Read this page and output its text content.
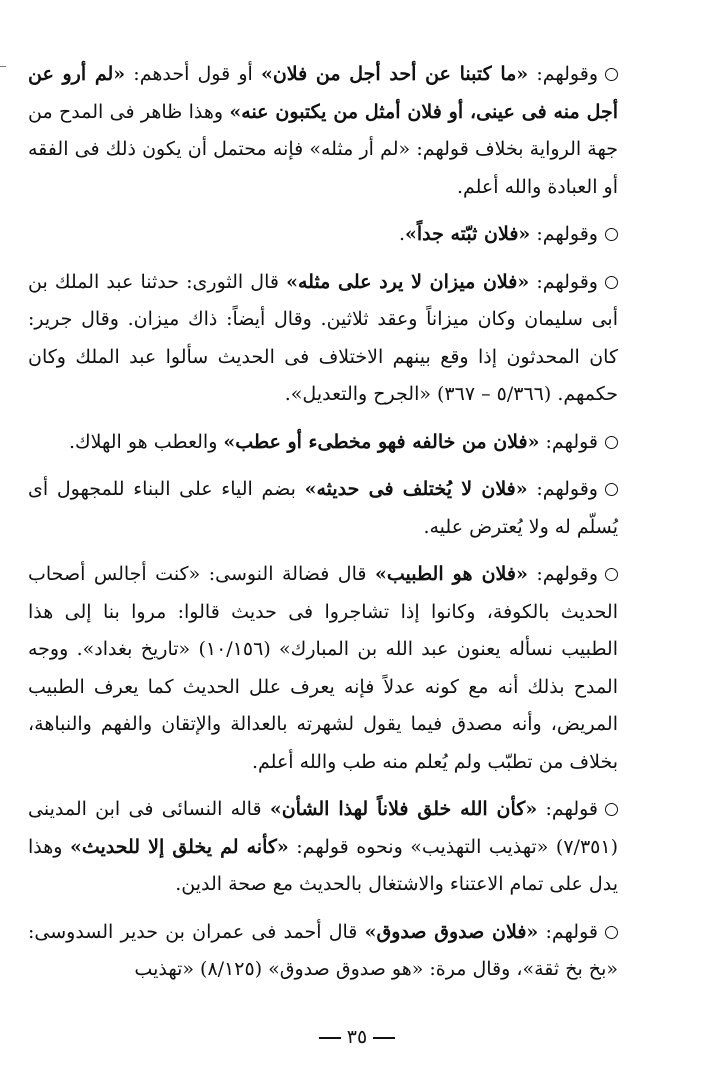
وقولهم: «ما كتبنا عن أحد أجل من فلان» أو قول أحدهم: «لم أرو عن أجل منه فى عينى، أو فلان أمثل من يكتبون عنه» وهذا ظاهر فى المدح من جهة الرواية بخلاف قولهم: «لم أر مثله» فإنه محتمل أن يكون ذلك فى الفقه أو العبادة والله أعلم.

وقولهم: «فلان ثبّته جداً».

وقولهم: «فلان ميزان لا يرد على مثله» قال الثورى: حدثنا عبد الملك بن أبى سليمان وكان ميزاناً وعقد ثلاثين. وقال أيضاً: ذاك ميزان. وقال جرير: كان المحدثون إذا وقع بينهم الاختلاف فى الحديث سألوا عبد الملك وكان حكمهم. (٥/٣٦٦ – ٣٦٧) «الجرح والتعديل».

قولهم: «فلان من خالفه فهو مخطىء أو عطب» والعطب هو الهلاك.

وقولهم: «فلان لا يُختلف فى حديثه» بضم الياء على البناء للمجهول أى يُسلّم له ولا يُعترض عليه.

وقولهم: «فلان هو الطبيب» قال فضالة النوسى: «كنت أجالس أصحاب الحديث بالكوفة، وكانوا إذا تشاجروا فى حديث قالوا: مروا بنا إلى هذا الطبيب نسأله يعنون عبد الله بن المبارك» (١٠/١٥٦) «تاريخ بغداد». ووجه المدح بذلك أنه مع كونه عدلاً فإنه يعرف علل الحديث كما يعرف الطبيب المريض، وأنه مصدق فيما يقول لشهرته بالعدالة والإتقان والفهم والنباهة، بخلاف من تطبّب ولم يُعلم منه طب والله أعلم.

قولهم: «كأن الله خلق فلاناً لهذا الشأن» قاله النسائى فى ابن المدينى (٧/٣٥١) «تهذيب التهذيب» ونحوه قولهم: «كأنه لم يخلق إلا للحديث» وهذا يدل على تمام الاعتناء والاشتغال بالحديث مع صحة الدين.

قولهم: «فلان صدوق صدوق» قال أحمد فى عمران بن حدير السدوسى: «بخ بخ ثقة»، وقال مرة: «هو صدوق صدوق» (٨/١٢٥) «تهذيب

٣٥
